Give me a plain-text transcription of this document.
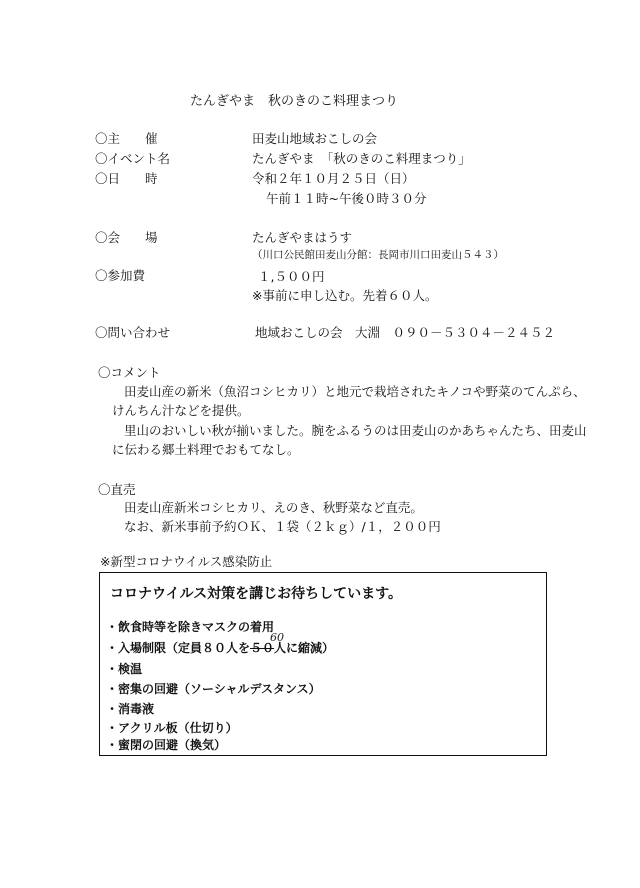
たんぎやま　秋のきのこ料理まつり
〇主　　催	田麦山地域おこしの会
〇イベント名	たんぎやま　「秋のきのこ料理まつり」
〇日　　時	令和２年１０月２５日（日）
午前１１時~午後０時３０分
〇会　　場	たんぎやまはうす
（川口公民館田麦山分館：長岡市川口田麦山５４３）
〇参加費	１,５００円
※事前に申し込む。先着６０人。
〇問い合わせ	地域おこしの会　大淵　０９０－５３０４－２４５２
〇コメント
田麦山産の新米（魚沼コシヒカリ）と地元で栽培されたキノコや野菜のてんぷら、
けんちん汁などを提供。
里山のおいしい秋が揃いました。腕をふるうのは田麦山のかあちゃんたち、田麦山
に伝わる郷土料理でおもてなし。
〇直売
田麦山産新米コシヒカリ、えのき、秋野菜など直売。
なお、新米事前予約ＯＫ、１袋（２ｋｇ）/１，２００円
※新型コロナウイルス感染防止
コロナウイルス対策を講じお待ちしています。
・飲食時等を除きマスクの着用
・入場制限（定員８０人を５０人に縮減）
60
・検温
・密集の回避（ソーシャルデスタンス）
・消毒液
・アクリル板（仕切り）
・蜜閉の回避（換気）
